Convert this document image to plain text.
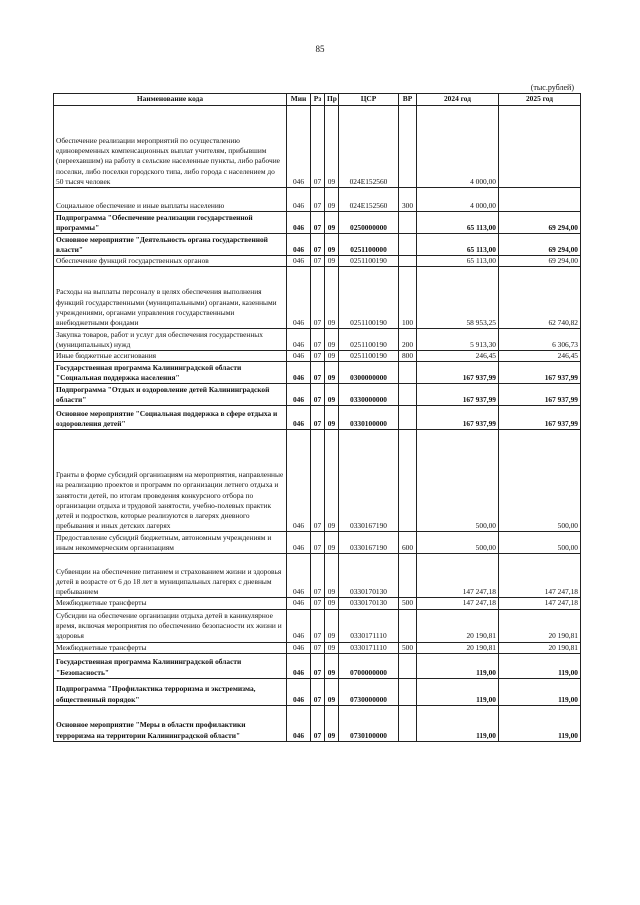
85
(тыс.рублей)
Наименование кода	Мин	Рз	Пр	ЦСР	ВР	2024 год	2025 год
Обеспечение реализации мероприятий по осуществлению единовременных компенсационных выплат учителям, прибывшим (переехавшим) на работу в сельские населенные пункты, либо рабочие поселки, либо поселки городского типа, либо города с населением до 50 тысяч человек	046	07	09	024E152560		4 000,00	
Социальное обеспечение и иные выплаты населению	046	07	09	024E152560	300	4 000,00	
Подпрограмма "Обеспечение реализации государственной программы"	046	07	09	0250000000		65 113,00	69 294,00
Основное мероприятие "Деятельность органа государственной власти"	046	07	09	0251100000		65 113,00	69 294,00
Обеспечение функций государственных органов	046	07	09	0251100190		65 113,00	69 294,00
Расходы на выплаты персоналу в целях обеспечения выполнения функций государственными (муниципальными) органами, казенными учреждениями, органами управления государственными внебюджетными фондами	046	07	09	0251100190	100	58 953,25	62 740,82
Закупка товаров, работ и услуг для обеспечения государственных (муниципальных) нужд	046	07	09	0251100190	200	5 913,30	6 306,73
Иные бюджетные ассигнования	046	07	09	0251100190	800	246,45	246,45
Государственная программа Калининградской области "Социальная поддержка населения"	046	07	09	0300000000		167 937,99	167 937,99
Подпрограмма "Отдых и оздоровление детей Калининградской области"	046	07	09	0330000000		167 937,99	167 937,99
Основное мероприятие "Социальная поддержка в сфере отдыха и оздоровления детей"	046	07	09	0330100000		167 937,99	167 937,99
Гранты в форме субсидий организациям на мероприятия, направленные на реализацию проектов и программ по организации летнего отдыха и занятости детей, по итогам проведения конкурсного отбора по организации отдыха и трудовой занятости, учебно-полевых практик детей и подростков, которые реализуются в лагерях дневного пребывания и иных детских лагерях	046	07	09	0330167190		500,00	500,00
Предоставление субсидий бюджетным, автономным учреждениям и иным некоммерческим организациям	046	07	09	0330167190	600	500,00	500,00
Субвенции на обеспечение питанием и страхованием жизни и здоровья детей в возрасте от 6 до 18 лет в муниципальных лагерях с дневным пребыванием	046	07	09	0330170130		147 247,18	147 247,18
Межбюджетные трансферты	046	07	09	0330170130	500	147 247,18	147 247,18
Субсидии на обеспечение организации отдыха детей в каникулярное время, включая мероприятия по обеспечению безопасности их жизни и здоровья	046	07	09	0330171110		20 190,81	20 190,81
Межбюджетные трансферты	046	07	09	0330171110	500	20 190,81	20 190,81
Государственная программа Калининградской области "Безопасность"	046	07	09	0700000000		119,00	119,00
Подпрограмма "Профилактика терроризма и экстремизма, общественный порядок"	046	07	09	0730000000		119,00	119,00
Основное мероприятие "Меры в области профилактики терроризма на территории Калининградской области"	046	07	09	0730100000		119,00	119,00
